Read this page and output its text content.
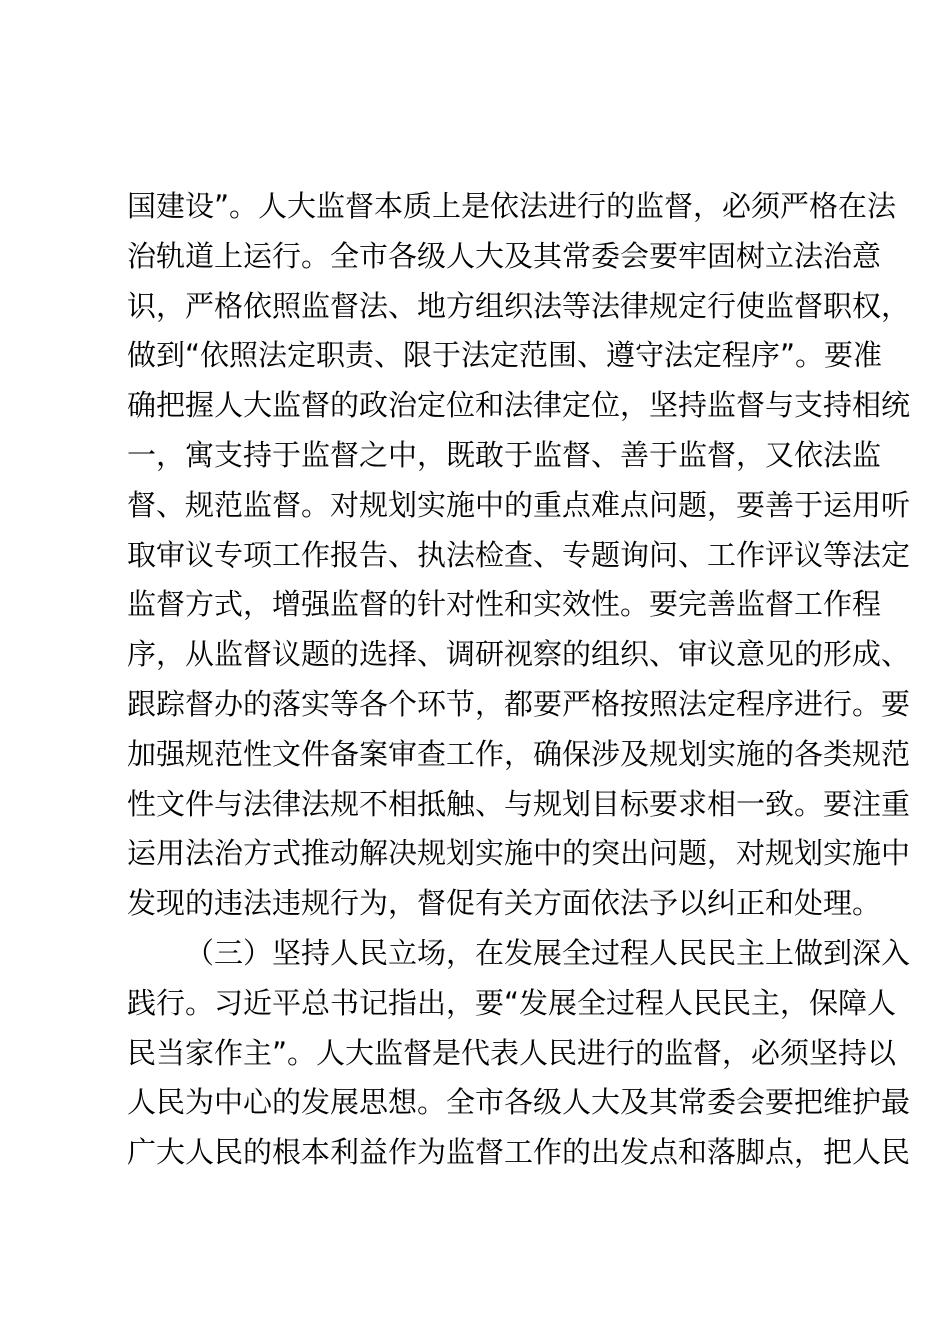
国建设”。人大监督本质上是依法进行的监督，必须严格在法
治轨道上运行。全市各级人大及其常委会要牢固树立法治意
识，严格依照监督法、地方组织法等法律规定行使监督职权，
做到“依照法定职责、限于法定范围、遵守法定程序”。要准
确把握人大监督的政治定位和法律定位，坚持监督与支持相统
一，寓支持于监督之中，既敢于监督、善于监督，又依法监
督、规范监督。对规划实施中的重点难点问题，要善于运用听
取审议专项工作报告、执法检查、专题询问、工作评议等法定
监督方式，增强监督的针对性和实效性。要完善监督工作程
序，从监督议题的选择、调研视察的组织、审议意见的形成、
跟踪督办的落实等各个环节，都要严格按照法定程序进行。要
加强规范性文件备案审查工作，确保涉及规划实施的各类规范
性文件与法律法规不相抵触、与规划目标要求相一致。要注重
运用法治方式推动解决规划实施中的突出问题，对规划实施中
发现的违法违规行为，督促有关方面依法予以纠正和处理。
（三）坚持人民立场，在发展全过程人民民主上做到深入
践行。习近平总书记指出，要“发展全过程人民民主，保障人
民当家作主”。人大监督是代表人民进行的监督，必须坚持以
人民为中心的发展思想。全市各级人大及其常委会要把维护最
广大人民的根本利益作为监督工作的出发点和落脚点，把人民
